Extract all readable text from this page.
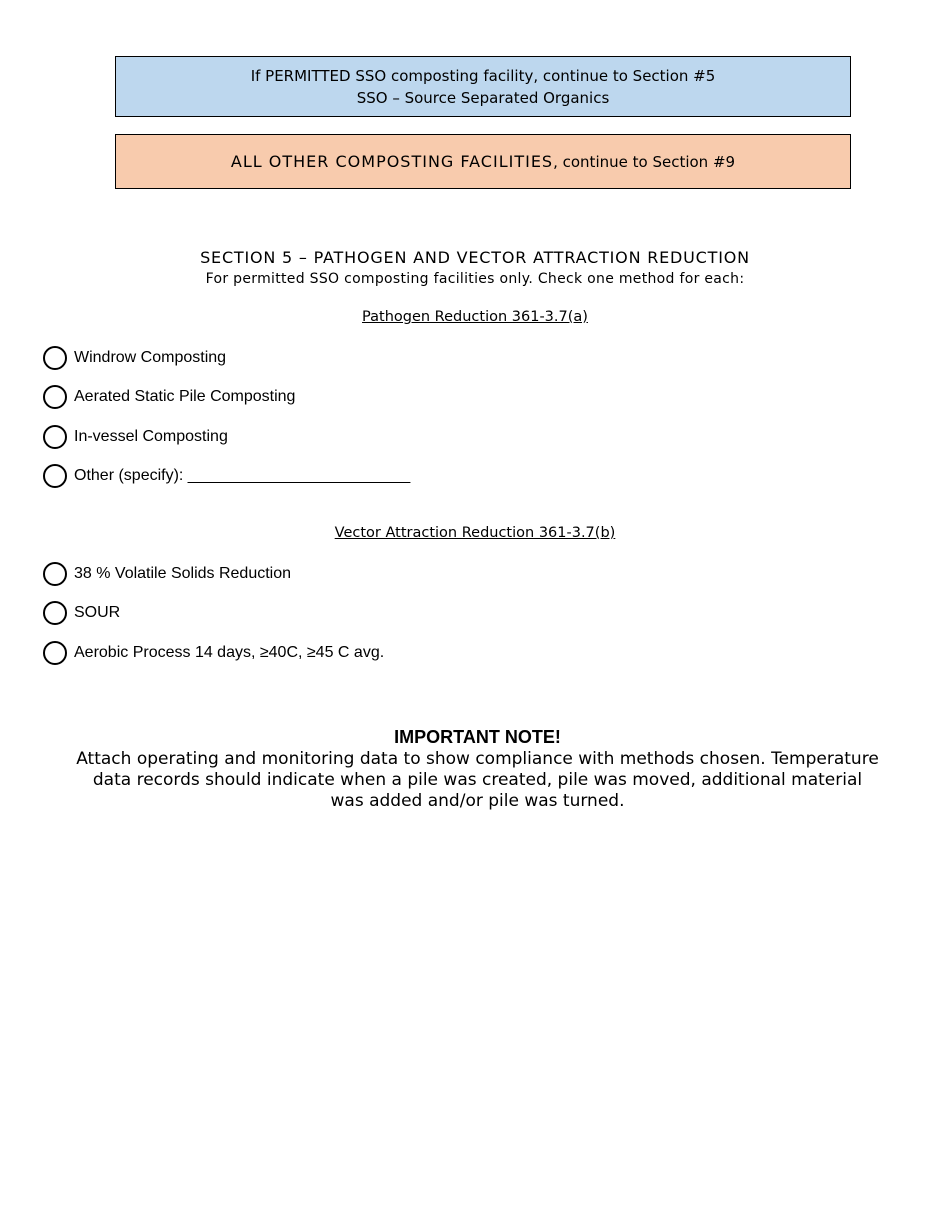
If PERMITTED SSO composting facility, continue to Section #5
SSO – Source Separated Organics
ALL OTHER COMPOSTING FACILITIES, continue to Section #9
SECTION 5 – PATHOGEN AND VECTOR ATTRACTION REDUCTION
For permitted SSO composting facilities only. Check one method for each:
Pathogen Reduction 361-3.7(a)
Windrow Composting
Aerated Static Pile Composting
In-vessel Composting
Other (specify): _________________________
Vector Attraction Reduction 361-3.7(b)
38 % Volatile Solids Reduction
SOUR
Aerobic Process 14 days, ≥40C, ≥45 C avg.
IMPORTANT NOTE!
Attach operating and monitoring data to show compliance with methods chosen. Temperature data records should indicate when a pile was created, pile was moved, additional material was added and/or pile was turned.
